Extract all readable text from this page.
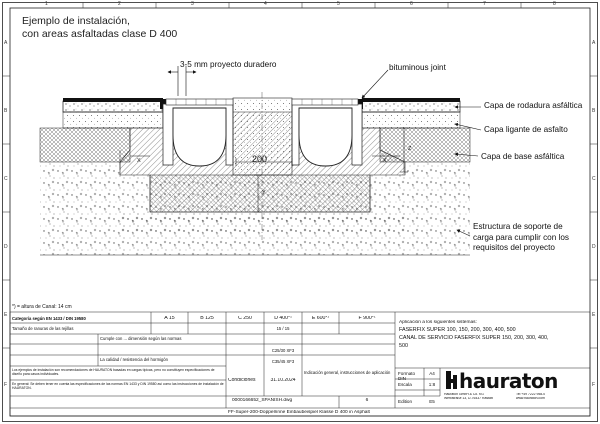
1	2	3	4	5	6	7	8
A
B
C
D
E
F
A
B
C
D
E
F
Ejemplo de instalación,
con areas asfaltadas clase D 400
3-5 mm proyecto duradero	bituminous joint
Capa de rodadura asfáltica
Capa ligante de asfalto
Capa de base asfáltica
Estructura de soporte de
carga para cumplir con los
requisitos del proyecto
200
X	X
Z
Y
*) = altura de Canal: 14 cm
Categoría según EN 1433 / DIN 19580	A 15	B 125	C 250	D 400*¹	E 600*¹	F 900*¹
Tamaño de ranuras de las rejillas	15 / 15
Cumple con ... dimensión según las normas
C25/30 XF3
La calidad / resistencia del hormigón	C35/45 XF3
Los ejemplos de instalación son recomendaciones de HAURATON basadas en cargas típicas, pero no constituyen especificaciones de diseño para casos individuales.
En general: Se deben tener en cuenta las especificaciones de las normas EN 1433 y DIN 19580 así como las instrucciones de instalación de HAURATON.
Condiciones	31.10.2024
Indicación general, instrucciones de aplicación
Aplicación a los siguientes sistemas:
FASERFIX SUPER 100, 150, 200, 300, 400, 500
CANAL DE SERVICIO FASERFIX SUPER 150, 200, 300, 400,
500
0000166652_SPANISH.dwg	6
Formato DIN
A4
Escala	1:8
Edition	E5
hauraton
Hauraton GmbH & Co. KG
Werkstraße 13, D-76437 Rastatt
Tel +49 7222 958-0
www.hauraton.com
FF-Super-200-Doppelrinne Einbaubeispiel Klasse D 400 in Asphalt
